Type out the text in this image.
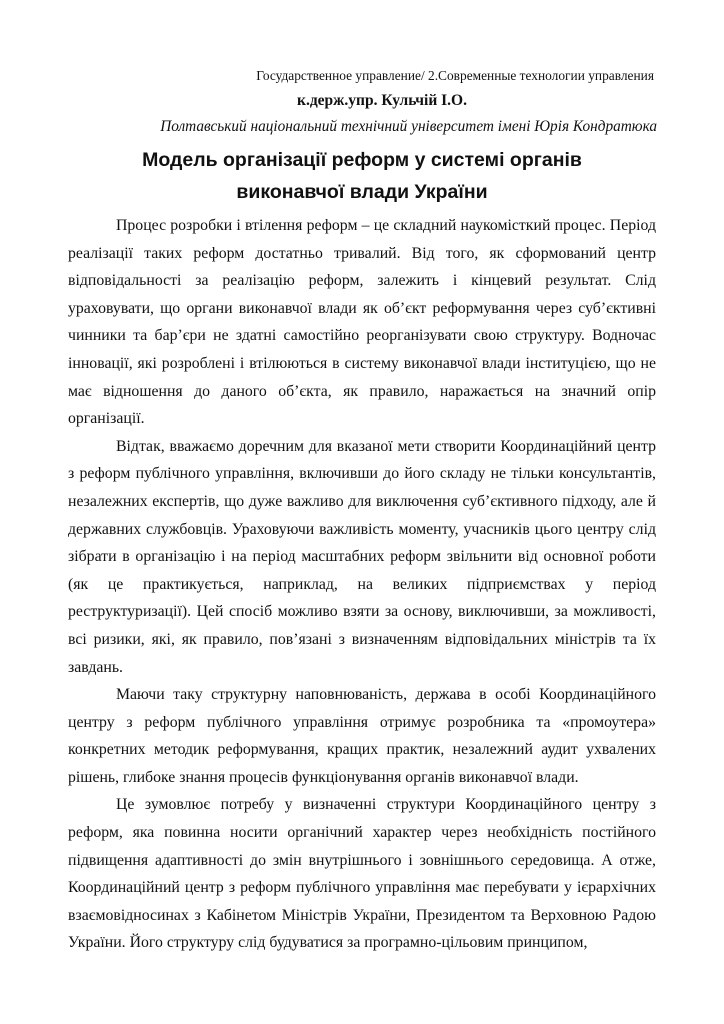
Государственное управление/ 2.Современные технологии управления
к.держ.упр. Кульчій І.О.
Полтавський національний технічний університет імені Юрія Кондратюка
Модель організації реформ у системі органів
виконавчої влади України

Процес розробки і втілення реформ – це складний наукомісткий процес. Період реалізації таких реформ достатньо тривалий. Від того, як сформований центр відповідальності за реалізацію реформ, залежить і кінцевий результат. Слід ураховувати, що органи виконавчої влади як об’єкт реформування через суб’єктивні чинники та бар’єри не здатні самостійно реорганізувати свою структуру. Водночас інновації, які розроблені і втілюються в систему виконавчої влади інституцією, що не має відношення до даного об’єкта, як правило, наражається на значний опір організації.

Відтак, вважаємо доречним для вказаної мети створити Координаційний центр з реформ публічного управління, включивши до його складу не тільки консультантів, незалежних експертів, що дуже важливо для виключення суб’єктивного підходу, але й державних службовців. Ураховуючи важливість моменту, учасників цього центру слід зібрати в організацію і на період масштабних реформ звільнити від основної роботи (як це практикується, наприклад, на великих підприємствах у період реструктуризації). Цей спосіб можливо взяти за основу, виключивши, за можливості, всі ризики, які, як правило, пов’язані з визначенням відповідальних міністрів та їх завдань.

Маючи таку структурну наповнюваність, держава в особі Координаційного центру з реформ публічного управління отримує розробника та «промоутера» конкретних методик реформування, кращих практик, незалежний аудит ухвалених рішень, глибоке знання процесів функціонування органів виконавчої влади.

Це зумовлює потребу у визначенні структури Координаційного центру з реформ, яка повинна носити органічний характер через необхідність постійного підвищення адаптивності до змін внутрішнього і зовнішнього середовища. А отже, Координаційний центр з реформ публічного управління має перебувати у ієрархічних взаємовідносинах з Кабінетом Міністрів України, Президентом та Верховною Радою України. Його структуру слід будуватися за програмно-цільовим принципом,
